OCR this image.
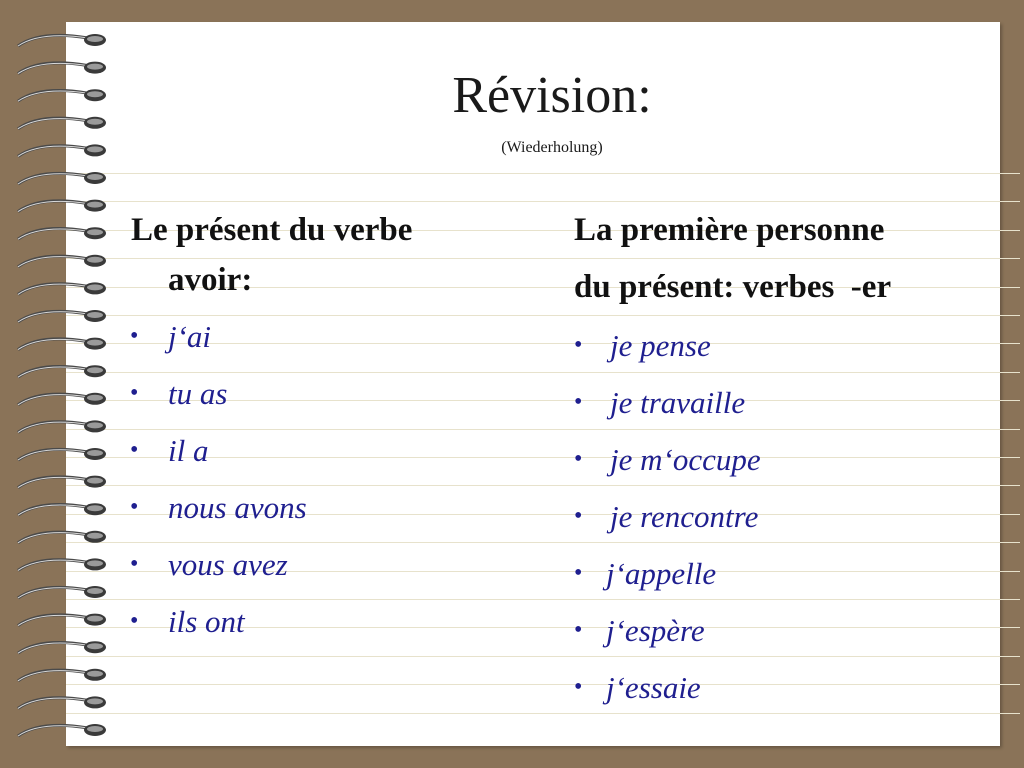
Révision:
(Wiederholung)
Le présent du verbe
avoir:
• j‘ai
• tu as
• il a
• nous avons
• vous avez
• ils ont
La première personne
du présent: verbes  -er
• je pense
• je travaille
• je m‘occupe
• je rencontre
• j‘appelle
• j‘espère
• j‘essaie
